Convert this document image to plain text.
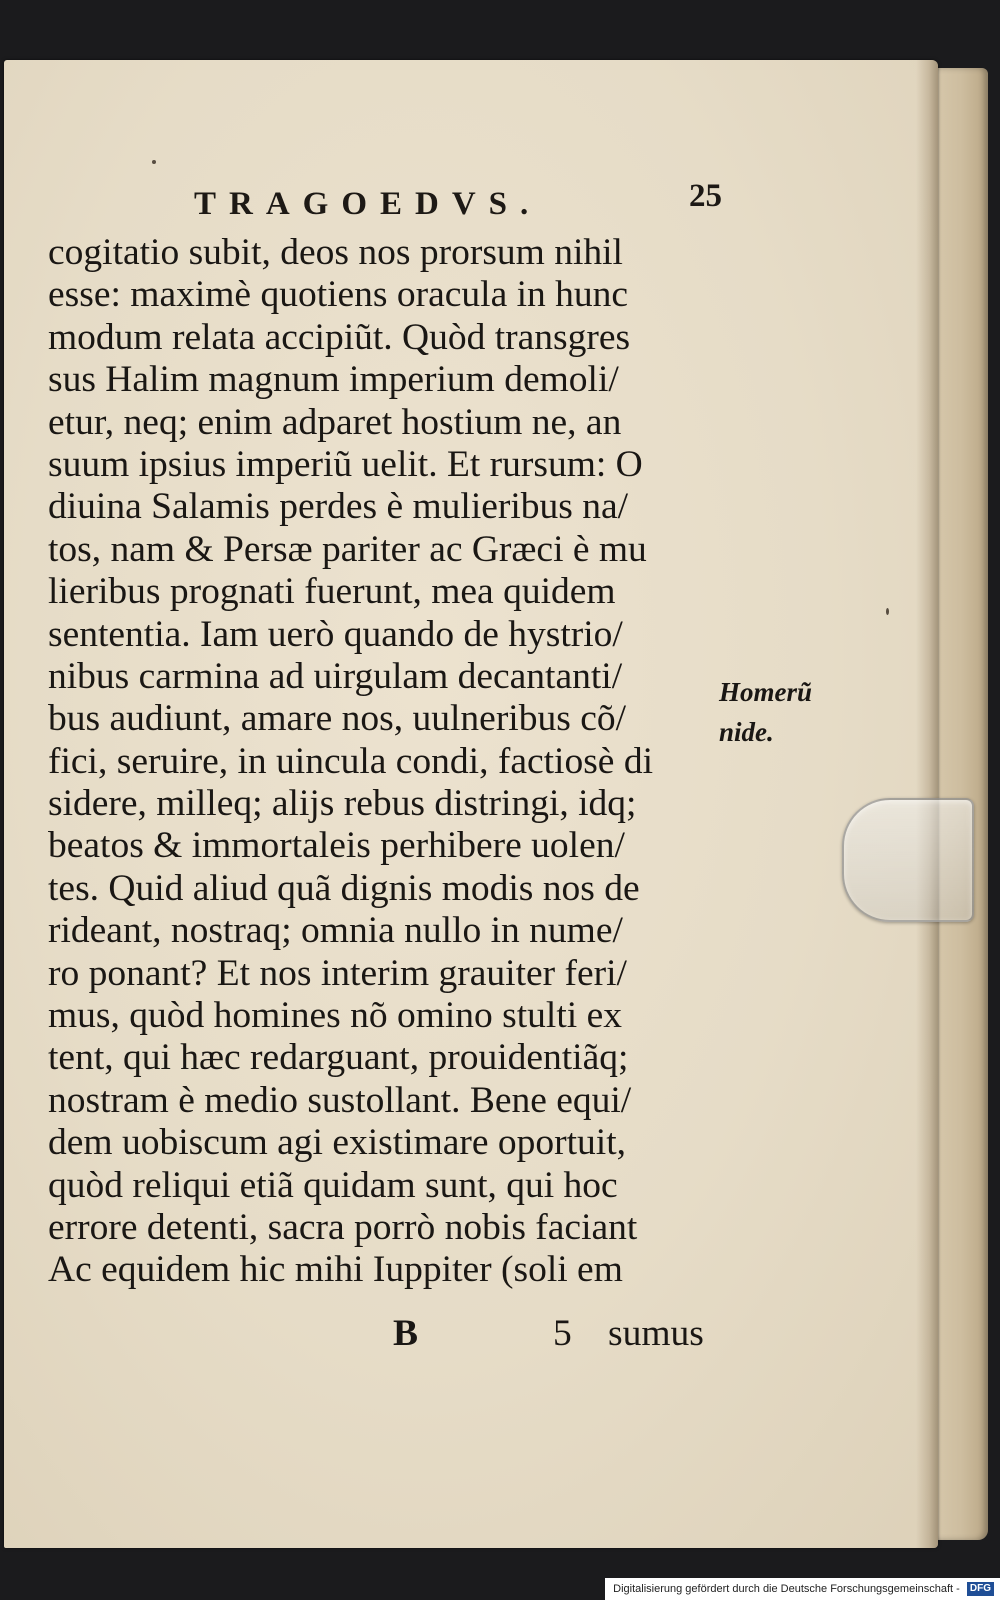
TRAGOEDVS.	25
cogitatio subit, deos nos prorsum nihil
esse: maximè quotiens oracula in hunc
modum relata accipiũt. Quòd transgres
sus Halim magnum imperium demoli/
etur, neq; enim adparet hostium ne, an
suum ipsius imperiũ uelit. Et rursum: O
diuina Salamis perdes è mulieribus na/
tos, nam & Persæ pariter ac Græci è mu
lieribus prognati fuerunt, mea quidem
sententia. Iam uerò quando de hystrio/
nibus carmina ad uirgulam decantanti/
bus audiunt, amare nos, uulneribus cõ/
fici, seruire, in uincula condi, factiosè di
sidere, milleq; alijs rebus distringi, idq;
beatos & immortaleis perhibere uolen/
tes. Quid aliud quã dignis modis nos de
rideant, nostraq; omnia nullo in nume/
ro ponant? Et nos interim grauiter feri/
mus, quòd homines nõ omino stulti ex
tent, qui hæc redarguant, prouidentiãq;
nostram è medio sustollant. Bene equi/
dem uobiscum agi existimare oportuit,
quòd reliqui etiã quidam sunt, qui hoc
errore detenti, sacra porrò nobis faciant
Ac equidem hic mihi Iuppiter (soli em
Homerũ
nide.
B	5 sumus
Digitalisierung gefördert durch die Deutsche Forschungsgemeinschaft - DFG
